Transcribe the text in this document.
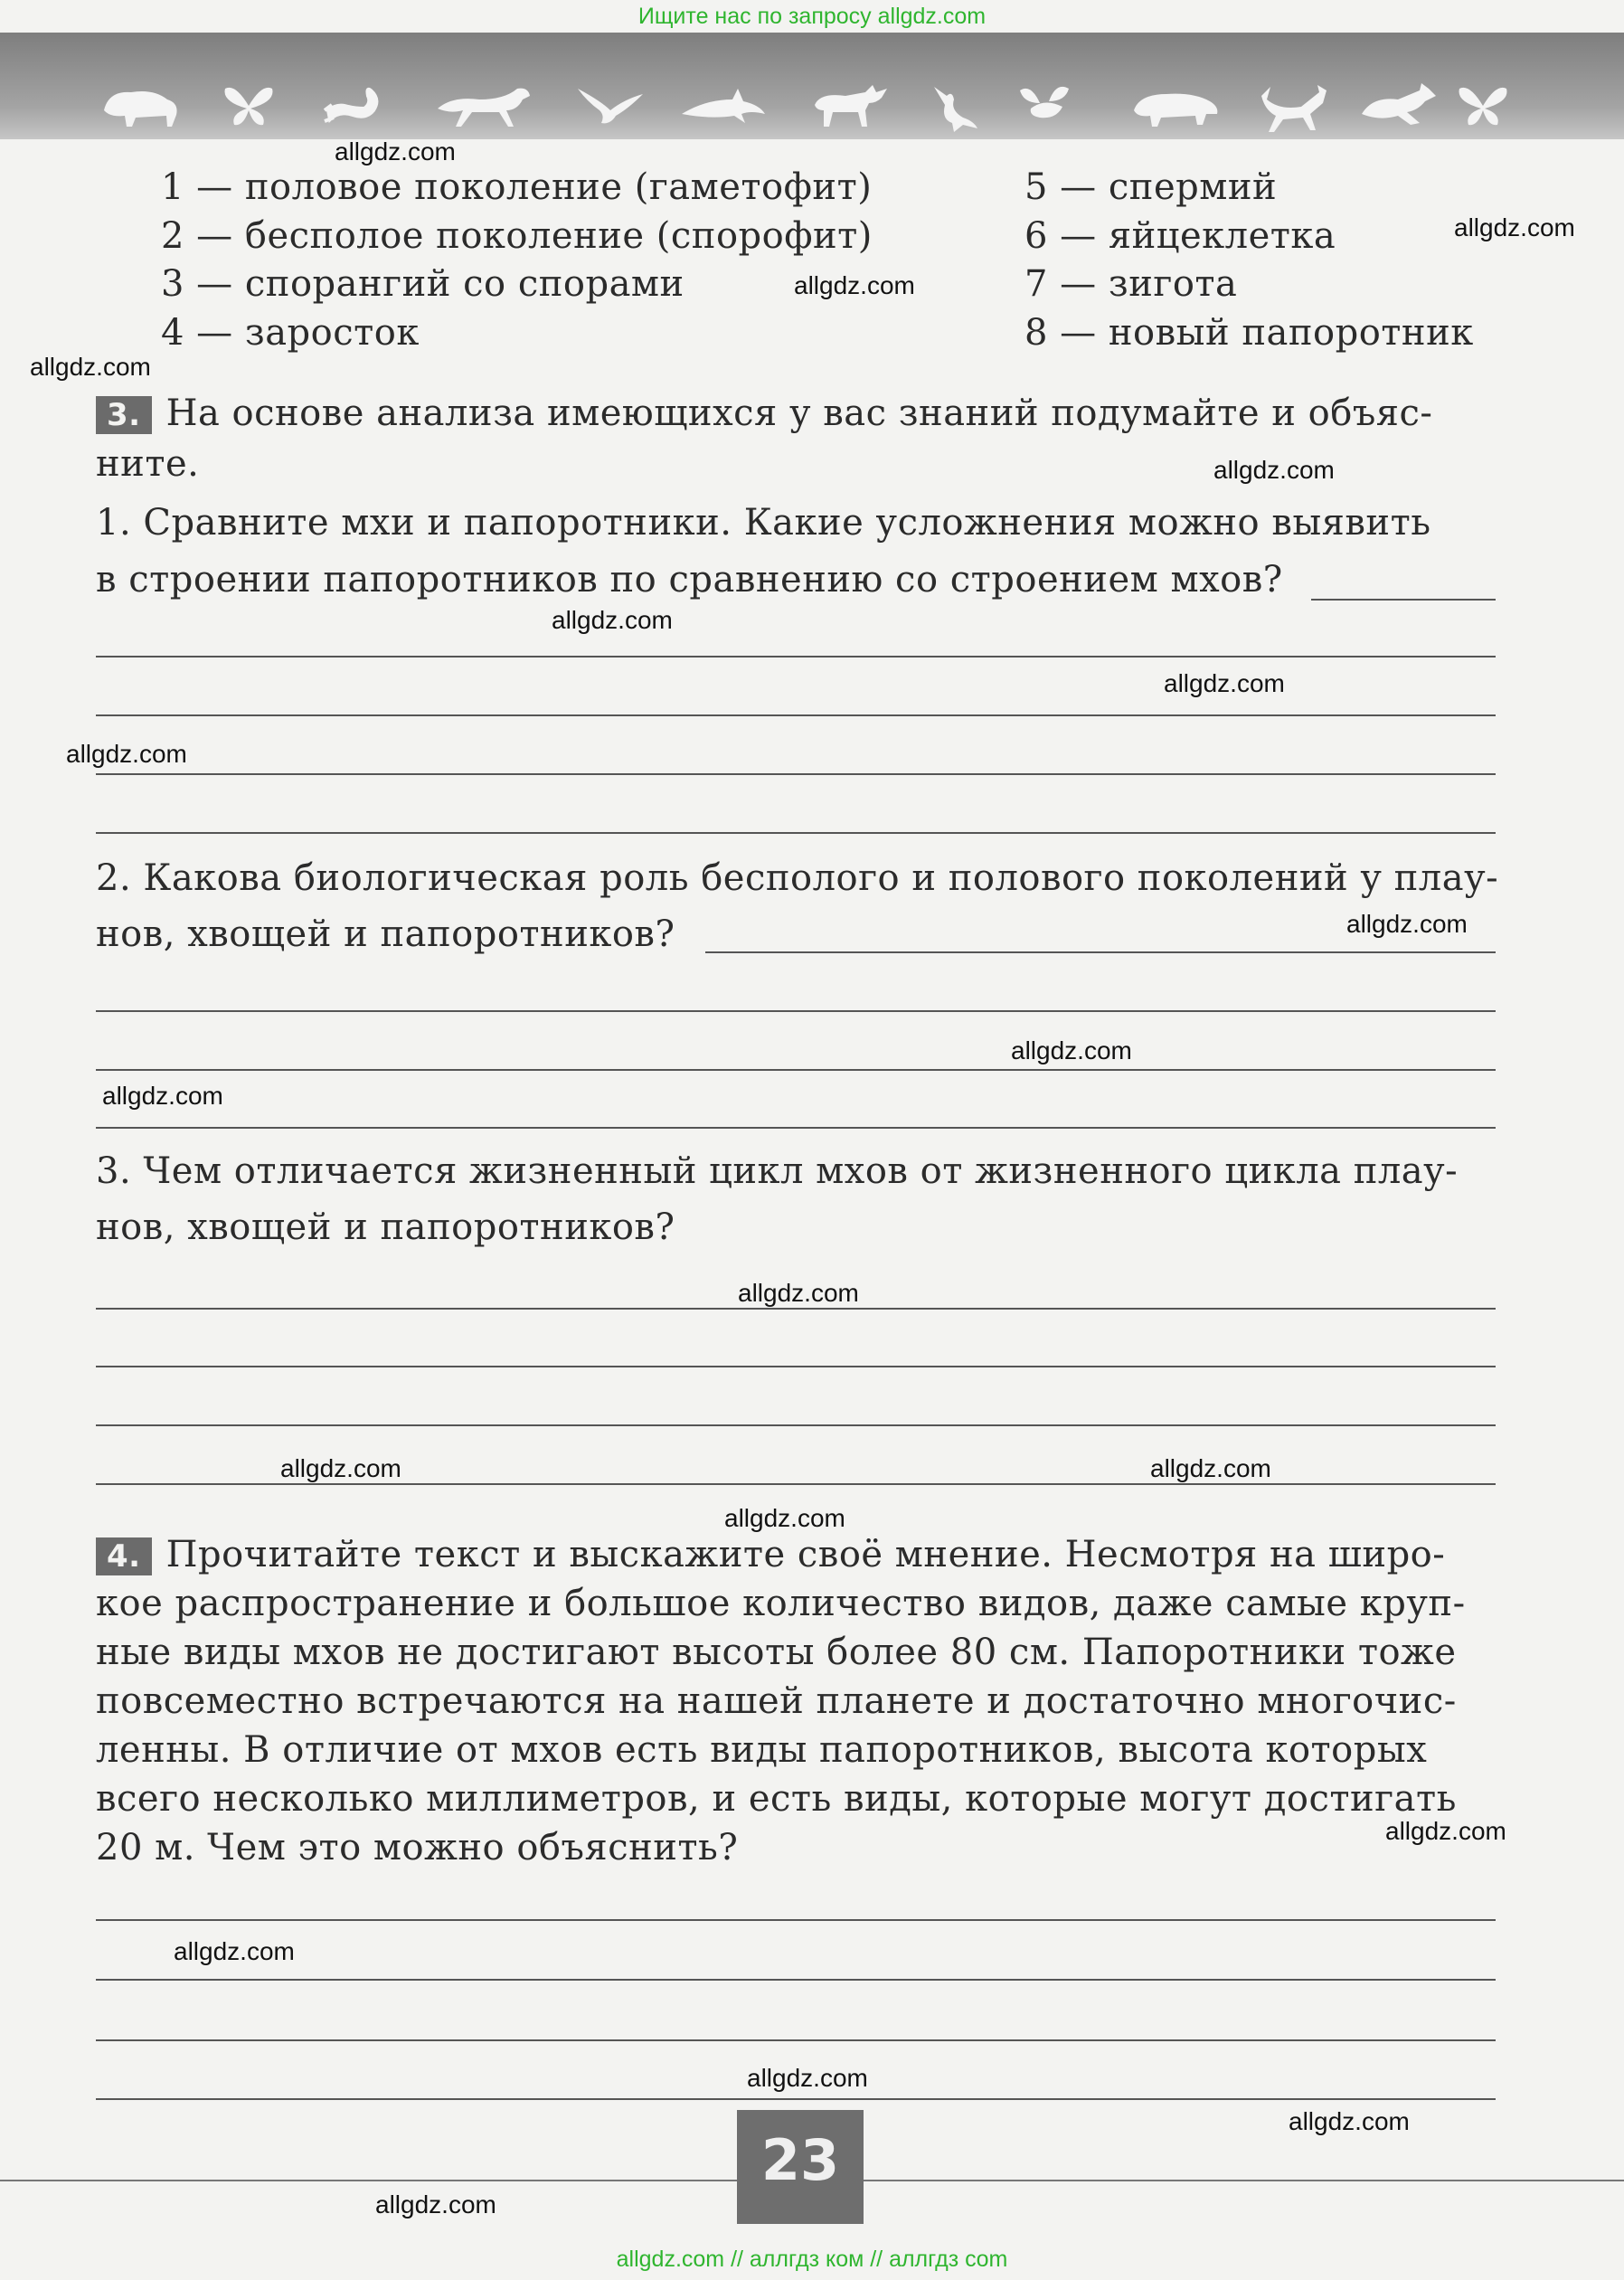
Ищите нас по запросу allgdz.com
1 — половое поколение (гаметофит)
2 — бесполое поколение (спорофит)
3 — спорангий со спорами
4 — заросток
5 — спермий
6 — яйцеклетка
7 — зигота
8 — новый папоротник
3. На основе анализа имеющихся у вас знаний подумайте и объяс-
ните.
1. Сравните мхи и папоротники. Какие усложнения можно выявить
в строении папоротников по сравнению со строением мхов?
2. Какова биологическая роль бесполого и полового поколений у плау-
нов, хвощей и папоротников?
3. Чем отличается жизненный цикл мхов от жизненного цикла плау-
нов, хвощей и папоротников?
4. Прочитайте текст и выскажите своё мнение. Несмотря на широ-
кое распространение и большое количество видов, даже самые круп-
ные виды мхов не достигают высоты более 80 см. Папоротники тоже
повсеместно встречаются на нашей планете и достаточно многочис-
ленны. В отличие от мхов есть виды папоротников, высота которых
всего несколько миллиметров, и есть виды, которые могут достигать
20 м. Чем это можно объяснить?
allgdz.com
allgdz.com
allgdz.com
allgdz.com
allgdz.com
allgdz.com
allgdz.com
allgdz.com
allgdz.com
allgdz.com
allgdz.com
allgdz.com
allgdz.com	allgdz.com
allgdz.com
allgdz.com
allgdz.com
allgdz.com
allgdz.com
allgdz.com
23
allgdz.com // аллгдз ком // аллгдз com
